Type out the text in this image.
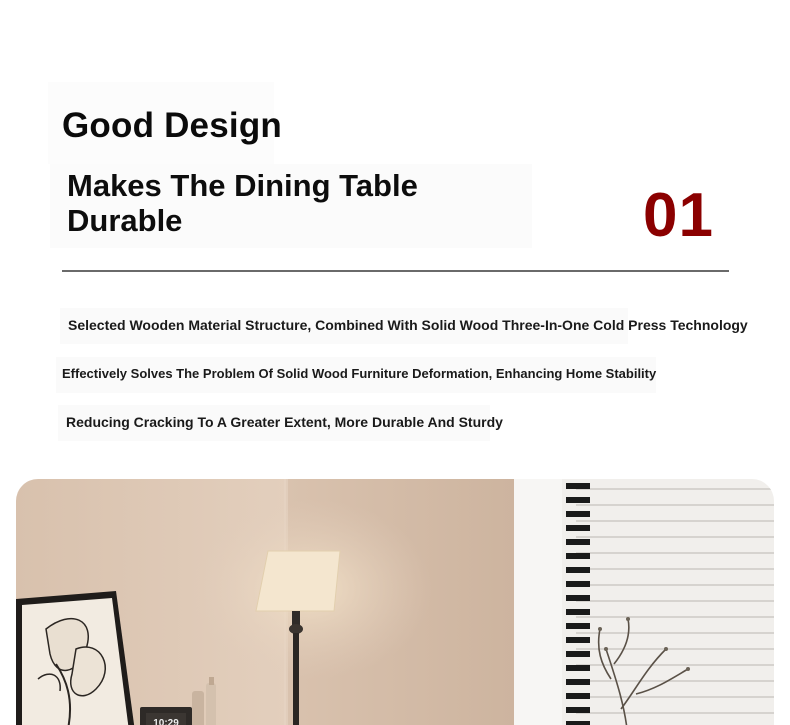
Good Design
Makes The Dining Table Durable	01

Selected Wooden Material Structure, Combined With Solid Wood Three-In-One Cold Press Technology

Effectively Solves The Problem Of Solid Wood Furniture Deformation, Enhancing Home Stability

Reducing Cracking To A Greater Extent, More Durable And Sturdy

10:29
